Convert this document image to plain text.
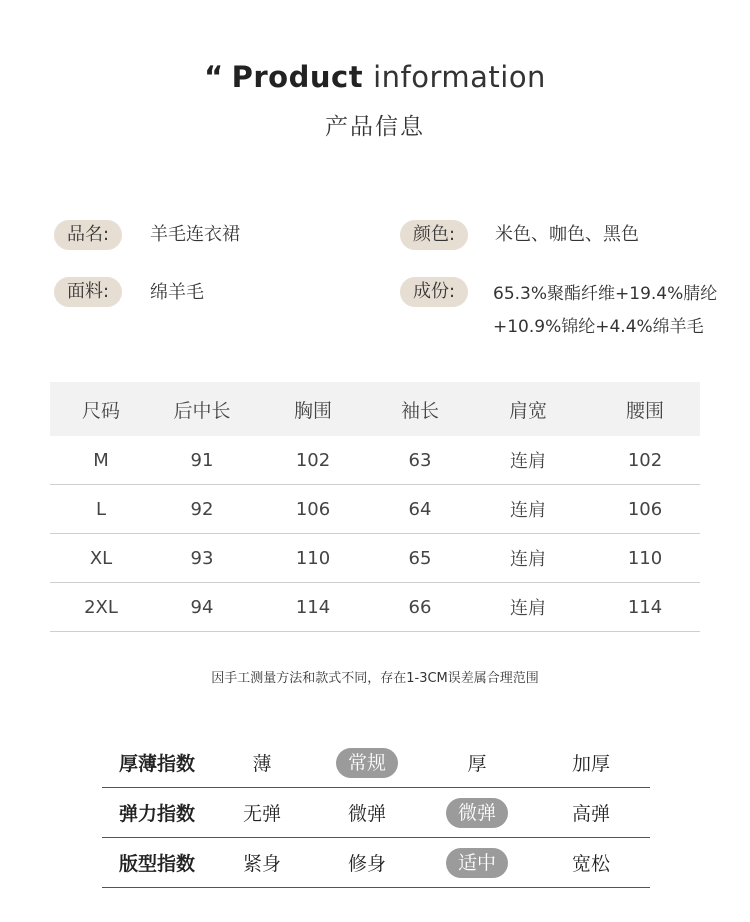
“ Product information
产品信息
品名:	羊毛连衣裙	颜色:	米色、咖色、黑色
面料:	绵羊毛	成份:	65.3%聚酯纤维+19.4%腈纶
+10.9%锦纶+4.4%绵羊毛
尺码	后中长	胸围	袖长	肩宽	腰围
M	91	102	63	连肩	102
L	92	106	64	连肩	106
XL	93	110	65	连肩	110
2XL	94	114	66	连肩	114
因手工测量方法和款式不同，存在1-3CM误差属合理范围
厚薄指数	薄	常规	厚	加厚
弹力指数	无弹	微弹	微弹	高弹
版型指数	紧身	修身	适中	宽松
